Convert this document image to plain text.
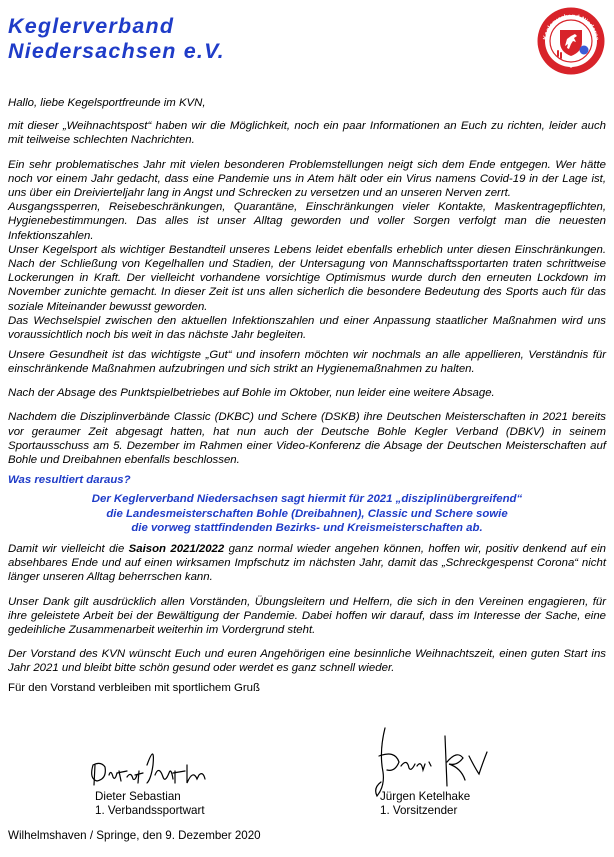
Keglerverband
Niedersachsen e.V.
Keglerverband Niedersa

Hallo, liebe Kegelsportfreunde im KVN,

mit dieser „Weihnachtspost“ haben wir die Möglichkeit, noch ein paar Informationen an Euch zu richten, leider auch mit teilweise schlechten Nachrichten.

Ein sehr problematisches Jahr mit vielen besonderen Problemstellungen neigt sich dem Ende entgegen. Wer hätte noch vor einem Jahr gedacht, dass eine Pandemie uns in Atem hält oder ein Virus namens Covid-19 in der Lage ist, uns über ein Dreivierteljahr lang in Angst und Schrecken zu versetzen und an unseren Nerven zerrt.

Ausgangssperren, Reisebeschränkungen, Quarantäne, Einschränkungen vieler Kontakte, Maskentragepflichten, Hygienebestimmungen. Das alles ist unser Alltag geworden und voller Sorgen verfolgt man die neuesten Infektionszahlen.

Unser Kegelsport als wichtiger Bestandteil unseres Lebens leidet ebenfalls erheblich unter diesen Einschränkungen. Nach der Schließung von Kegelhallen und Stadien, der Untersagung von Mannschaftssportarten traten schrittweise Lockerungen in Kraft. Der vielleicht vorhandene vorsichtige Optimismus wurde durch den erneuten Lockdown im November zunichte gemacht. In dieser Zeit ist uns allen sicherlich die besondere Bedeutung des Sports auch für das soziale Miteinander bewusst geworden.

Das Wechselspiel zwischen den aktuellen Infektionszahlen und einer Anpassung staatlicher Maßnahmen wird uns voraussichtlich noch bis weit in das nächste Jahr begleiten.

Unsere Gesundheit ist das wichtigste „Gut“ und insofern möchten wir nochmals an alle appellieren, Verständnis für einschränkende Maßnahmen aufzubringen und sich strikt an Hygienemaßnahmen zu halten.

Nach der Absage des Punktspielbetriebes auf Bohle im Oktober, nun leider eine weitere Absage.

Nachdem die Disziplinverbände Classic (DKBC) und Schere (DSKB) ihre Deutschen Meisterschaften in 2021 bereits vor geraumer Zeit abgesagt hatten, hat nun auch der Deutsche Bohle Kegler Verband (DBKV) in seinem Sportausschuss am 5. Dezember im Rahmen einer Video-Konferenz die Absage der Deutschen Meisterschaften auf Bohle und Dreibahnen ebenfalls beschlossen.

Was resultiert daraus?

Der Keglerverband Niedersachsen sagt hiermit für 2021 „disziplinübergreifend“
die Landesmeisterschaften Bohle (Dreibahnen), Classic und Schere sowie
die vorweg stattfindenden Bezirks- und Kreismeisterschaften ab.

Damit wir vielleicht die Saison 2021/2022 ganz normal wieder angehen können, hoffen wir, positiv denkend auf ein absehbares Ende und auf einen wirksamen Impfschutz im nächsten Jahr, damit das „Schreckgespenst Corona“ nicht länger unseren Alltag beherrschen kann.

Unser Dank gilt ausdrücklich allen Vorständen, Übungsleitern und Helfern, die sich in den Vereinen engagieren, für ihre geleistete Arbeit bei der Bewältigung der Pandemie. Dabei hoffen wir darauf, dass im Interesse der Sache, eine gedeihliche Zusammenarbeit weiterhin im Vordergrund steht.

Der Vorstand des KVN wünscht Euch und euren Angehörigen eine besinnliche Weihnachtszeit, einen guten Start ins Jahr 2021 und bleibt bitte schön gesund oder werdet es ganz schnell wieder.

Für den Vorstand verbleiben mit sportlichem Gruß

Dieter Sebastian
1. Verbandssportwart
Jürgen Ketelhake
1. Vorsitzender
Wilhelmshaven / Springe, den 9. Dezember 2020
